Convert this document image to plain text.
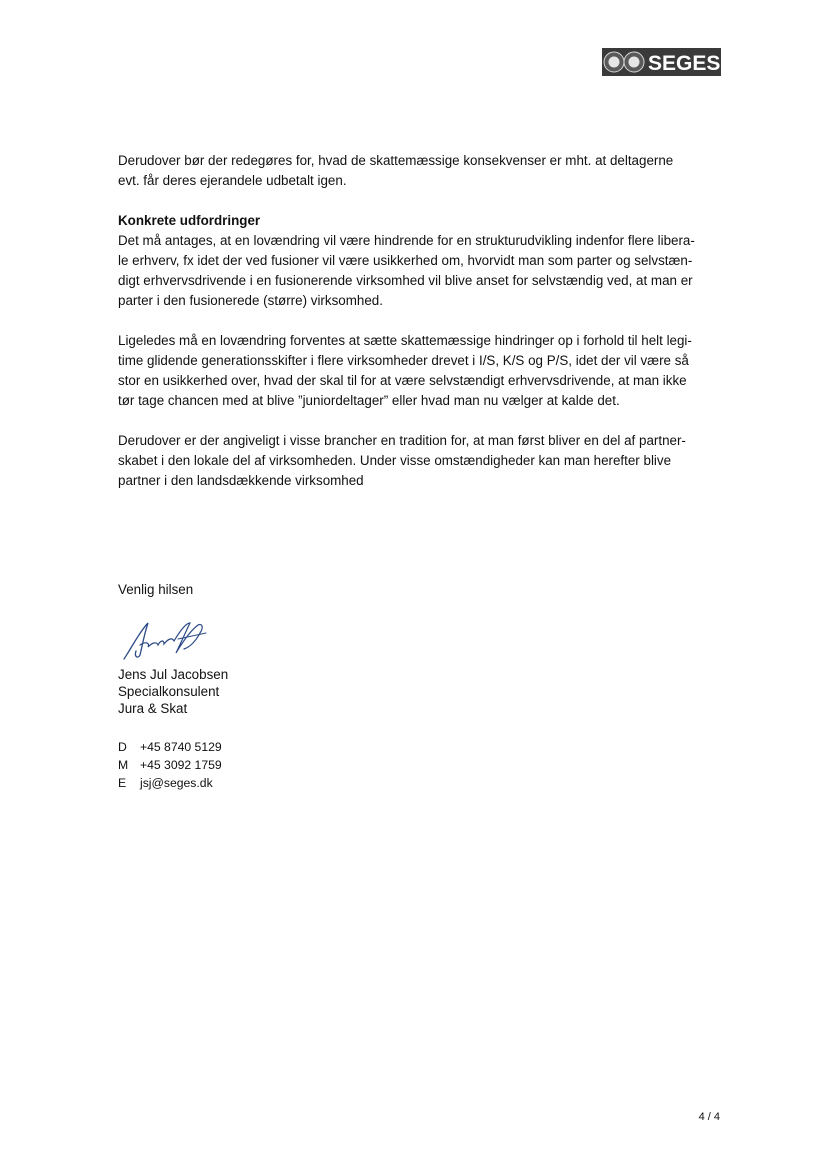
SEGES
Derudover bør der redegøres for, hvad de skattemæssige konsekvenser er mht. at deltagerne
evt. får deres ejerandele udbetalt igen.
Konkrete udfordringer
Det må antages, at en lovændring vil være hindrende for en strukturudvikling indenfor flere libera-
le erhverv, fx idet der ved fusioner vil være usikkerhed om, hvorvidt man som parter og selvstæn-
digt erhvervsdrivende i en fusionerende virksomhed vil blive anset for selvstændig ved, at man er
parter i den fusionerede (større) virksomhed.
Ligeledes må en lovændring forventes at sætte skattemæssige hindringer op i forhold til helt legi-
time glidende generationsskifter i flere virksomheder drevet i I/S, K/S og P/S, idet der vil være så
stor en usikkerhed over, hvad der skal til for at være selvstændigt erhvervsdrivende, at man ikke
tør tage chancen med at blive ”juniordeltager” eller hvad man nu vælger at kalde det.
Derudover er der angiveligt i visse brancher en tradition for, at man først bliver en del af partner-
skabet i den lokale del af virksomheden. Under visse omstændigheder kan man herefter blive
partner i den landsdækkende virksomhed
Venlig hilsen
Jens Jul Jacobsen
Specialkonsulent
Jura & Skat
D	+45 8740 5129
M +45 3092 1759
E	jsj@seges.dk
4 / 4
